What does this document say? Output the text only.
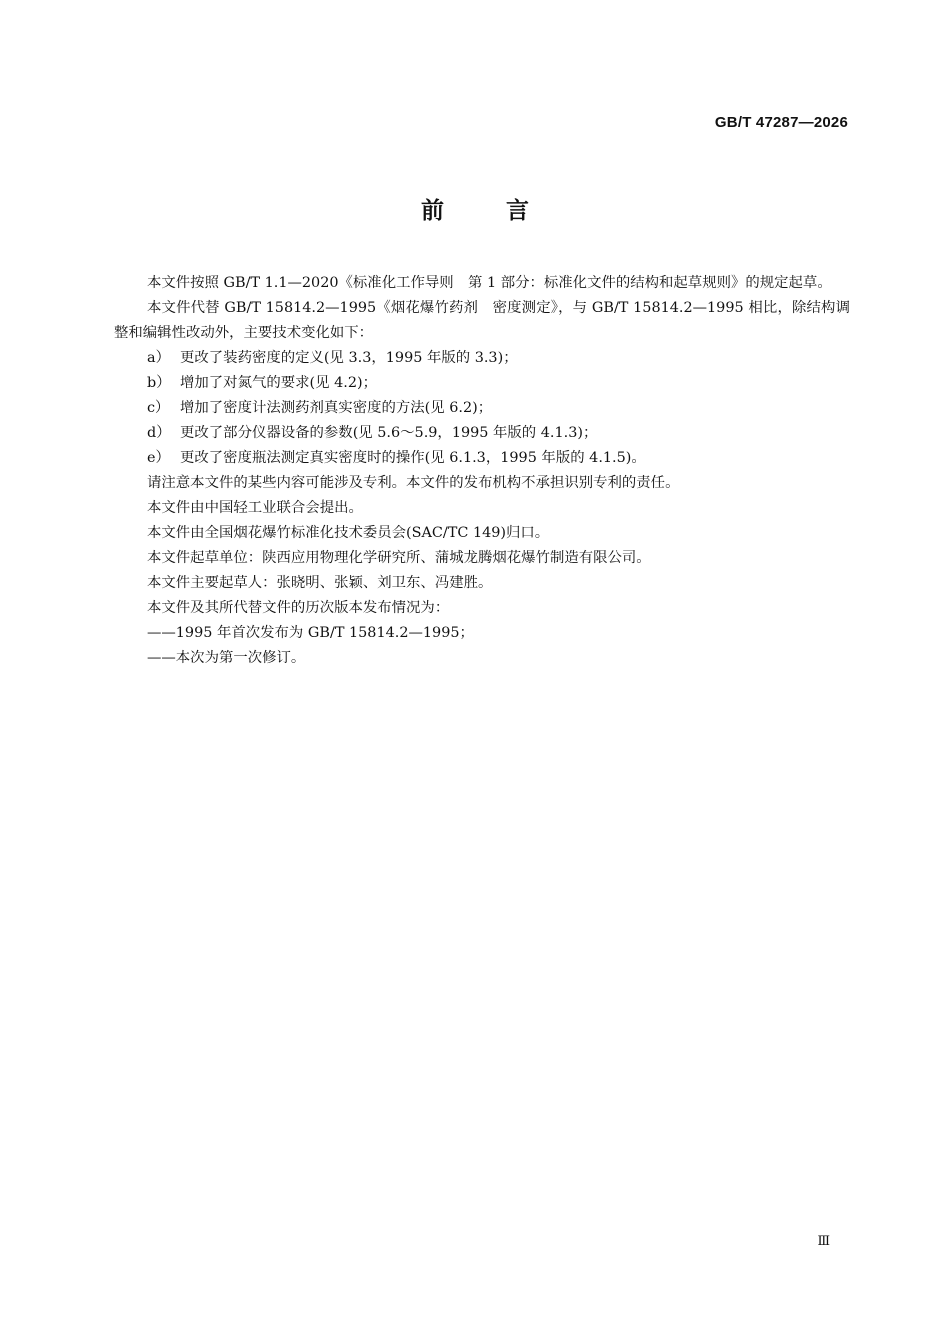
GB/T 47287—2026
前言

本文件按照 GB/T 1.1—2020《标准化工作导则　第 1 部分：标准化文件的结构和起草规则》的规定起草。

本文件代替 GB/T 15814.2—1995《烟花爆竹药剂　密度测定》，与 GB/T 15814.2—1995 相比，除结构调整和编辑性改动外，主要技术变化如下：

a） 更改了装药密度的定义(见 3.3，1995 年版的 3.3)；
b） 增加了对氮气的要求(见 4.2)；
c） 增加了密度计法测药剂真实密度的方法(见 6.2)；
d） 更改了部分仪器设备的参数(见 5.6～5.9，1995 年版的 4.1.3)；
e） 更改了密度瓶法测定真实密度时的操作(见 6.1.3，1995 年版的 4.1.5)。

请注意本文件的某些内容可能涉及专利。本文件的发布机构不承担识别专利的责任。

本文件由中国轻工业联合会提出。

本文件由全国烟花爆竹标准化技术委员会(SAC/TC 149)归口。

本文件起草单位：陕西应用物理化学研究所、蒲城龙腾烟花爆竹制造有限公司。

本文件主要起草人：张晓明、张颖、刘卫东、冯建胜。

本文件及其所代替文件的历次版本发布情况为：

——1995 年首次发布为 GB/T 15814.2—1995；
——本次为第一次修订。
Ⅲ
